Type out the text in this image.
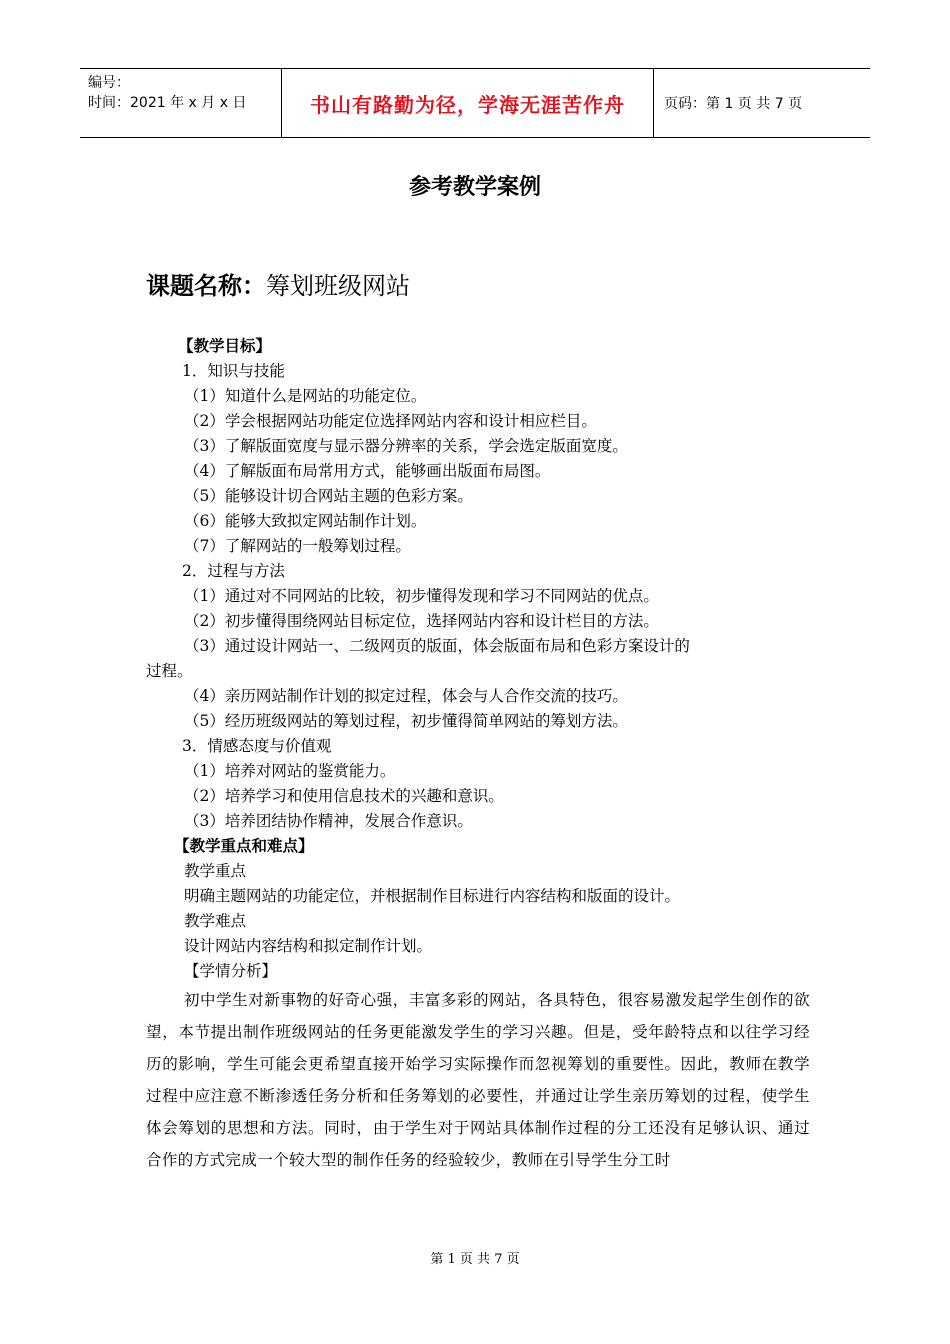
编号：
时间：2021 年 x 月 x 日	书山有路勤为径，学海无涯苦作舟	页码：第 1 页 共 7 页
参考教学案例
课题名称：筹划班级网站
【教学目标】
1．知识与技能
（1）知道什么是网站的功能定位。
（2）学会根据网站功能定位选择网站内容和设计相应栏目。
（3）了解版面宽度与显示器分辨率的关系，学会选定版面宽度。
（4）了解版面布局常用方式，能够画出版面布局图。
（5）能够设计切合网站主题的色彩方案。
（6）能够大致拟定网站制作计划。
（7）了解网站的一般筹划过程。
2．过程与方法
（1）通过对不同网站的比较，初步懂得发现和学习不同网站的优点。
（2）初步懂得围绕网站目标定位，选择网站内容和设计栏目的方法。
（3）通过设计网站一、二级网页的版面，体会版面布局和色彩方案设计的
过程。
（4）亲历网站制作计划的拟定过程，体会与人合作交流的技巧。
（5）经历班级网站的筹划过程，初步懂得简单网站的筹划方法。
3．情感态度与价值观
（1）培养对网站的鉴赏能力。
（2）培养学习和使用信息技术的兴趣和意识。
（3）培养团结协作精神，发展合作意识。
【教学重点和难点】
教学重点
明确主题网站的功能定位，并根据制作目标进行内容结构和版面的设计。
教学难点
设计网站内容结构和拟定制作计划。
【学情分析】
初中学生对新事物的好奇心强，丰富多彩的网站，各具特色，很容易激发起学生创作的欲望，本节提出制作班级网站的任务更能激发学生的学习兴趣。但是，受年龄特点和以往学习经历的影响，学生可能会更希望直接开始学习实际操作而忽视筹划的重要性。因此，教师在教学过程中应注意不断渗透任务分析和任务筹划的必要性，并通过让学生亲历筹划的过程，使学生体会筹划的思想和方法。同时，由于学生对于网站具体制作过程的分工还没有足够认识、通过合作的方式完成一个较大型的制作任务的经验较少，教师在引导学生分工时
第 1 页 共 7 页
